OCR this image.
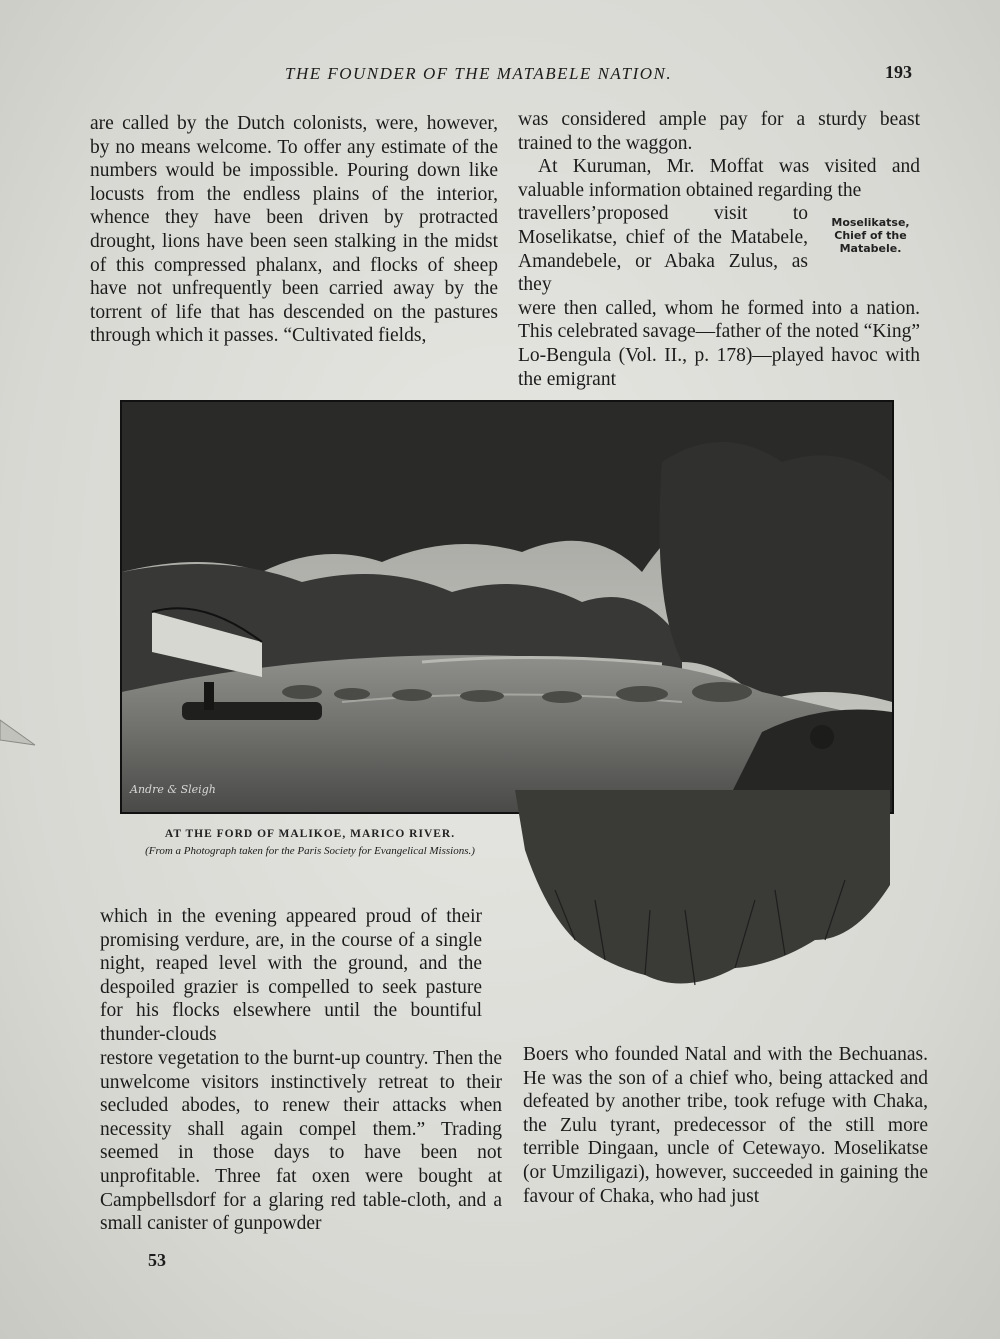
THE FOUNDER OF THE MATABELE NATION.	193

are called by the Dutch colonists, were, however, by no means welcome. To offer any estimate of the numbers would be impossible. Pouring down like locusts from the endless plains of the interior, whence they have been driven by protracted drought, lions have been seen stalking in the midst of this compressed phalanx, and flocks of sheep have not unfrequently been carried away by the torrent of life that has descended on the pastures through which it passes. “Cultivated fields,

was considered ample pay for a sturdy beast trained to the waggon.

At Kuruman, Mr. Moffat was visited and valuable information obtained regarding the

travellers’proposed visit to Moselikatse, chief of the Matabele, Amandebele, or Abaka Zulus, as they

were then called, whom he formed into a nation. This celebrated savage—father of the noted “King” Lo-Bengula (Vol. II., p. 178)—played havoc with the emigrant

Moselikatse, Chief of the Matabele.
Andre & Sleigh
AT THE FORD OF MALIKOE, MARICO RIVER.
(From a Photograph taken for the Paris Society for Evangelical Missions.)

which in the evening appeared proud of their promising verdure, are, in the course of a single night, reaped level with the ground, and the despoiled grazier is compelled to seek pasture for his flocks elsewhere until the bountiful thunder-clouds

restore vegetation to the burnt-up country. Then the unwelcome visitors instinctively retreat to their secluded abodes, to renew their attacks when necessity shall again compel them.” Trading seemed in those days to have been not unprofitable. Three fat oxen were bought at Campbellsdorf for a glaring red table-cloth, and a small canister of gunpowder

Boers who founded Natal and with the Bechuanas. He was the son of a chief who, being attacked and defeated by another tribe, took refuge with Chaka, the Zulu tyrant, predecessor of the still more terrible Dingaan, uncle of Cetewayo. Moselikatse (or Umziligazi), however, succeeded in gaining the favour of Chaka, who had just

53
